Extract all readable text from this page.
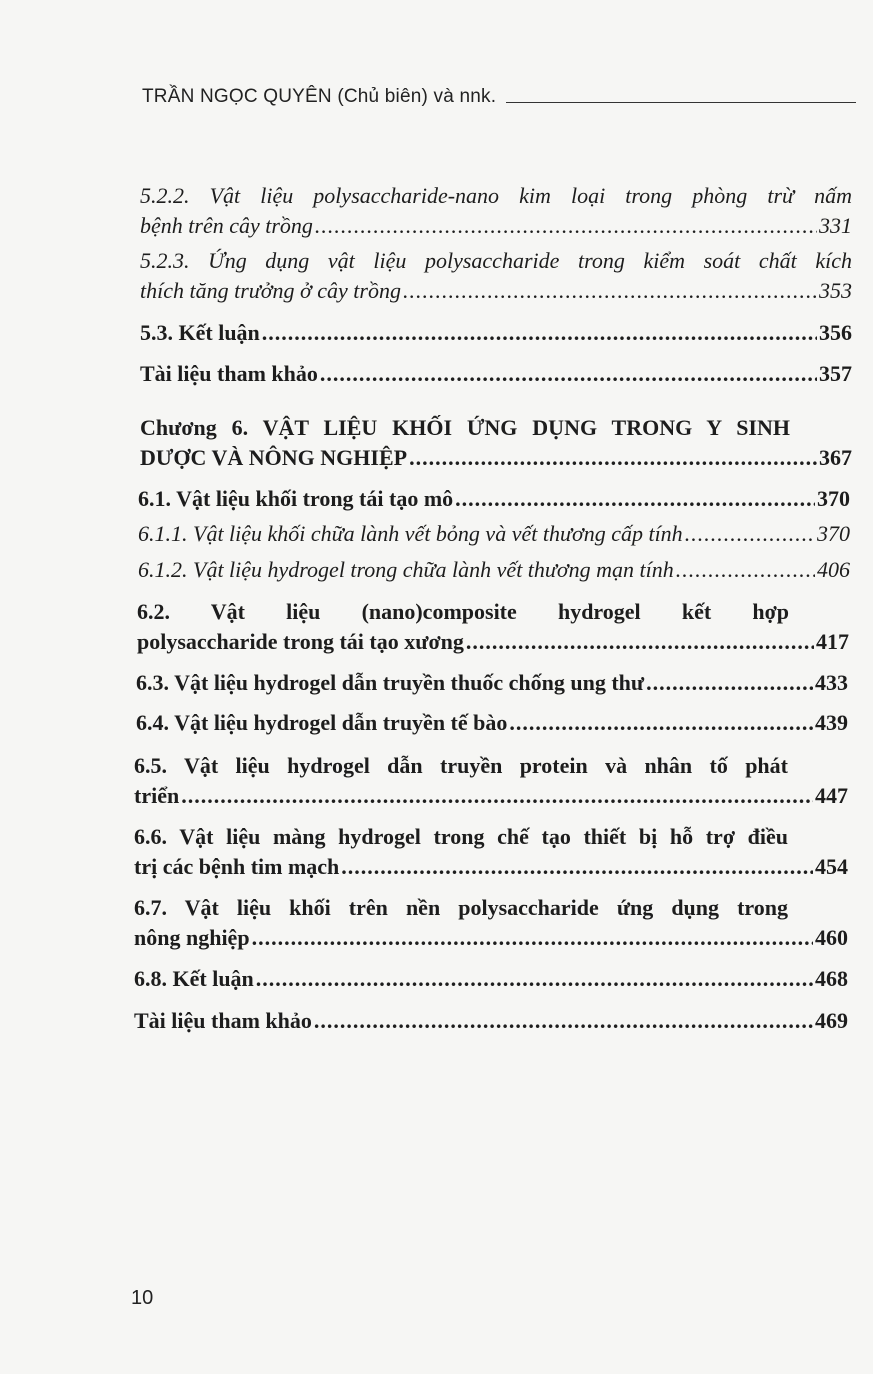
TRẦN NGỌC QUYÊN (Chủ biên) và nnk.
5.2.2. Vật liệu polysaccharide-nano kim loại trong phòng trừ nấm
bệnh trên cây trồng .....	331
5.2.3. Ứng dụng vật liệu polysaccharide trong kiểm soát chất kích
thích tăng trưởng ở cây trồng .....	353
5.3. Kết luận .....	356
Tài liệu tham khảo .....	357
Chương 6. VẬT LIỆU KHỐI ỨNG DỤNG TRONG Y SINH
DƯỢC VÀ NÔNG NGHIỆP .....	367
6.1. Vật liệu khối trong tái tạo mô .....	370
6.1.1. Vật liệu khối chữa lành vết bỏng và vết thương cấp tính .....	370
6.1.2. Vật liệu hydrogel trong chữa lành vết thương mạn tính .....	406
6.2. Vật liệu (nano)composite hydrogel kết hợp
polysaccharide trong tái tạo xương .....	417
6.3. Vật liệu hydrogel dẫn truyền thuốc chống ung thư .....	433
6.4. Vật liệu hydrogel dẫn truyền tế bào .....	439
6.5. Vật liệu hydrogel dẫn truyền protein và nhân tố phát
triển .....	447
6.6. Vật liệu màng hydrogel trong chế tạo thiết bị hỗ trợ điều
trị các bệnh tim mạch .....	454
6.7. Vật liệu khối trên nền polysaccharide ứng dụng trong
nông nghiệp .....	460
6.8. Kết luận .....	468
Tài liệu tham khảo .....	469
10
